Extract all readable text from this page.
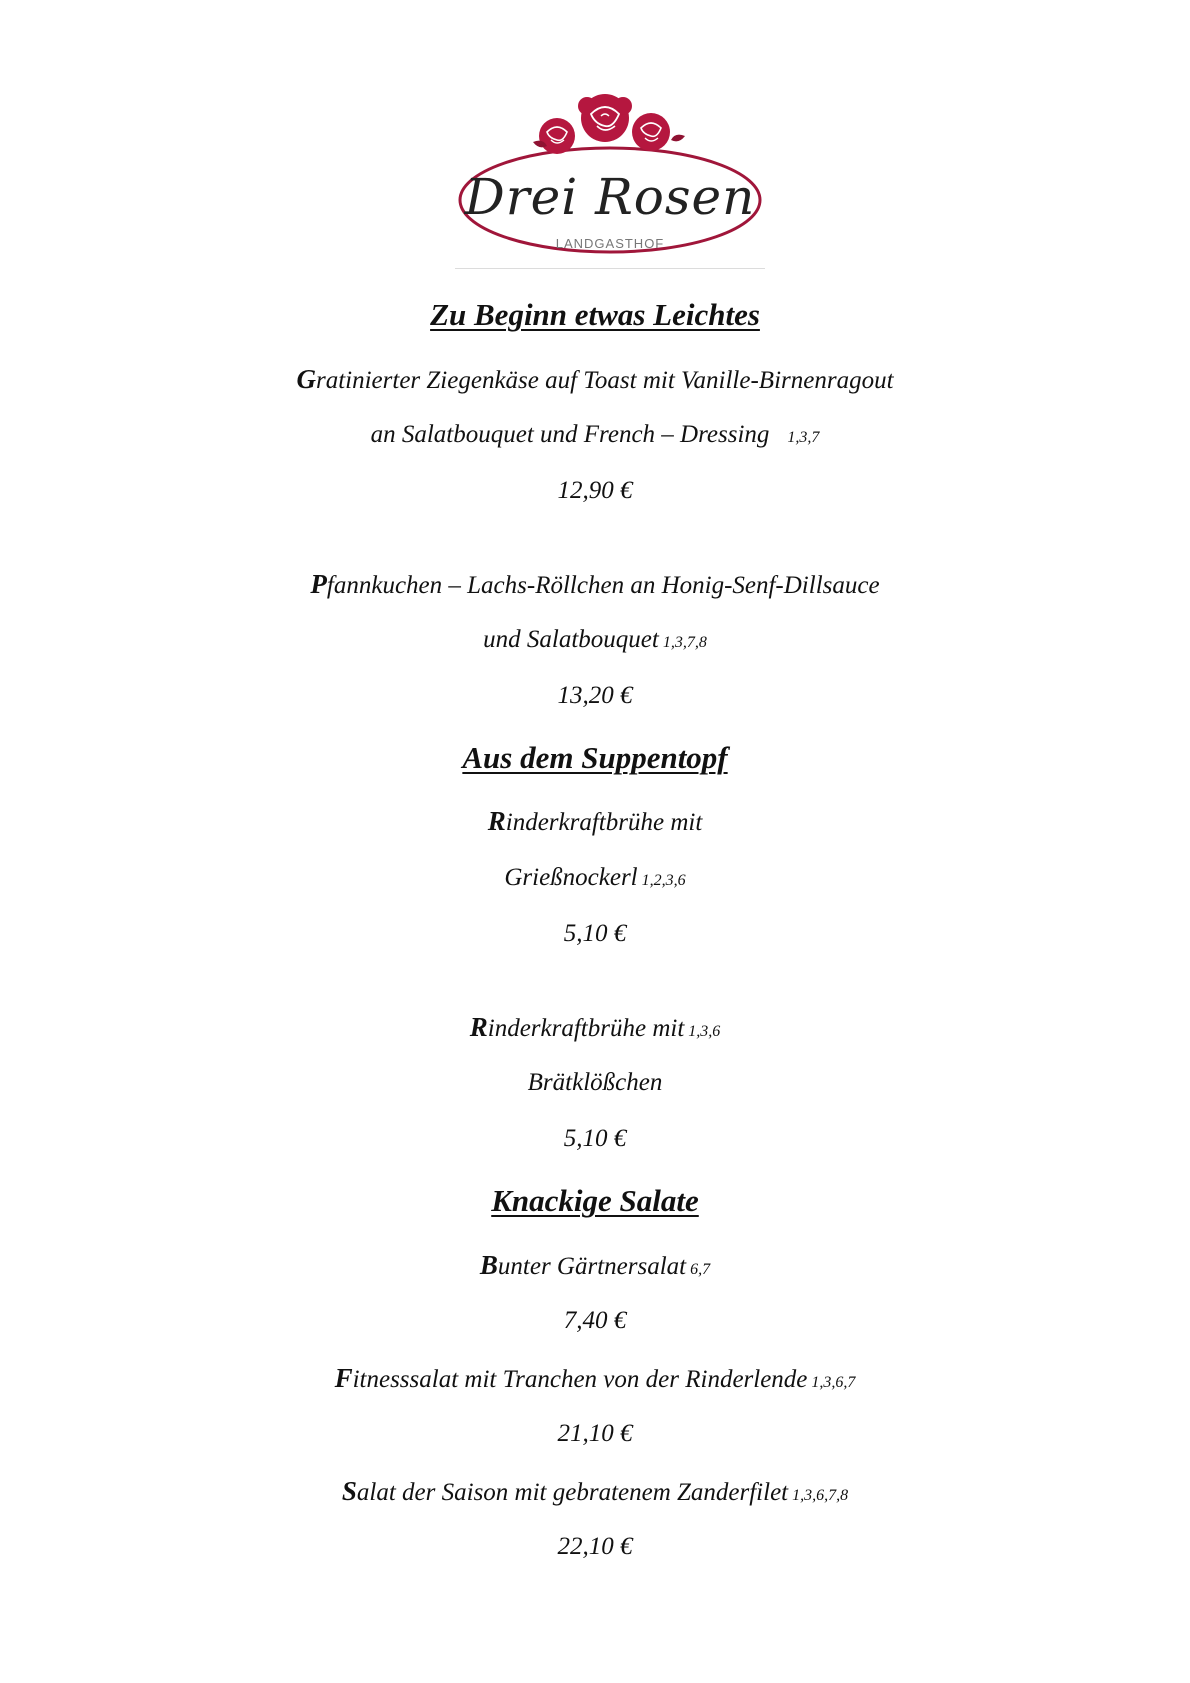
Drei Rosen
LANDGASTHOF
Zu Beginn etwas Leichtes
Gratinierter Ziegenkäse auf Toast mit Vanille-Birnenragout
an Salatbouquet und French – Dressing 1,3,7
12,90 €
Pfannkuchen – Lachs-Röllchen an Honig-Senf-Dillsauce
und Salatbouquet 1,3,7,8
13,20 €
Aus dem Suppentopf
Rinderkraftbrühe mit
Grießnockerl 1,2,3,6
5,10 €
Rinderkraftbrühe mit 1,3,6
Brätklößchen
5,10 €
Knackige Salate
Bunter Gärtnersalat 6,7
7,40 €
Fitnesssalat mit Tranchen von der Rinderlende 1,3,6,7
21,10 €
Salat der Saison mit gebratenem Zanderfilet 1,3,6,7,8
22,10 €
